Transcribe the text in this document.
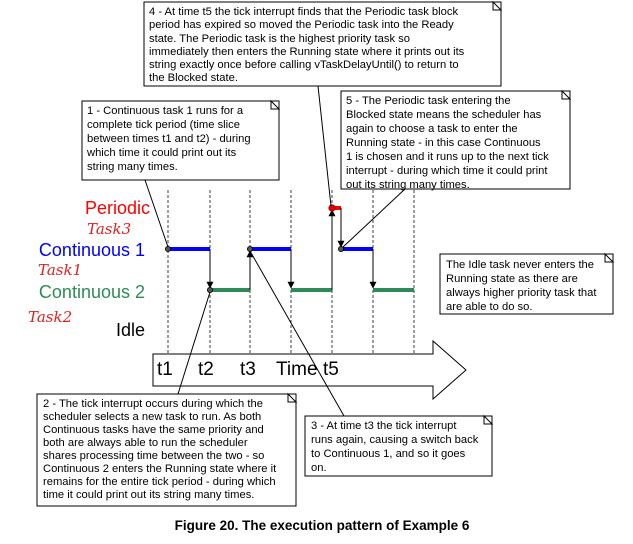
t1 t2 t3 Time t5
Periodic
Continuous 1
Continuous 2
Idle
Task3
Task1
Task2
4 - At time t5 the tick interrupt finds that the Periodic task block
period has expired so moved the Periodic task into the Ready
state. The Periodic task is the highest priority task so
immediately then enters the Running state where it prints out its
string exactly once before calling vTaskDelayUntil() to return to
the Blocked state.
1 - Continuous task 1 runs for a
complete tick period (time slice
between times t1 and t2) - during
which time it could print out its
string many times.
5 - The Periodic task entering the
Blocked state means the scheduler has
again to choose a task to enter the
Running state - in this case Continuous
1 is chosen and it runs up to the next tick
interrupt - during which time it could print
out its string many times.
The Idle task never enters the
Running state as there are
always higher priority task that
are able to do so.
2 - The tick interrupt occurs during which the
scheduler selects a new task to run. As both
Continuous tasks have the same priority and
both are always able to run the scheduler
shares processing time between the two - so
Continuous 2 enters the Running state where it
remains for the entire tick period - during which
time it could print out its string many times.
3 - At time t3 the tick interrupt
runs again, causing a switch back
to Continuous 1, and so it goes
on.
Figure 20. The execution pattern of Example 6
